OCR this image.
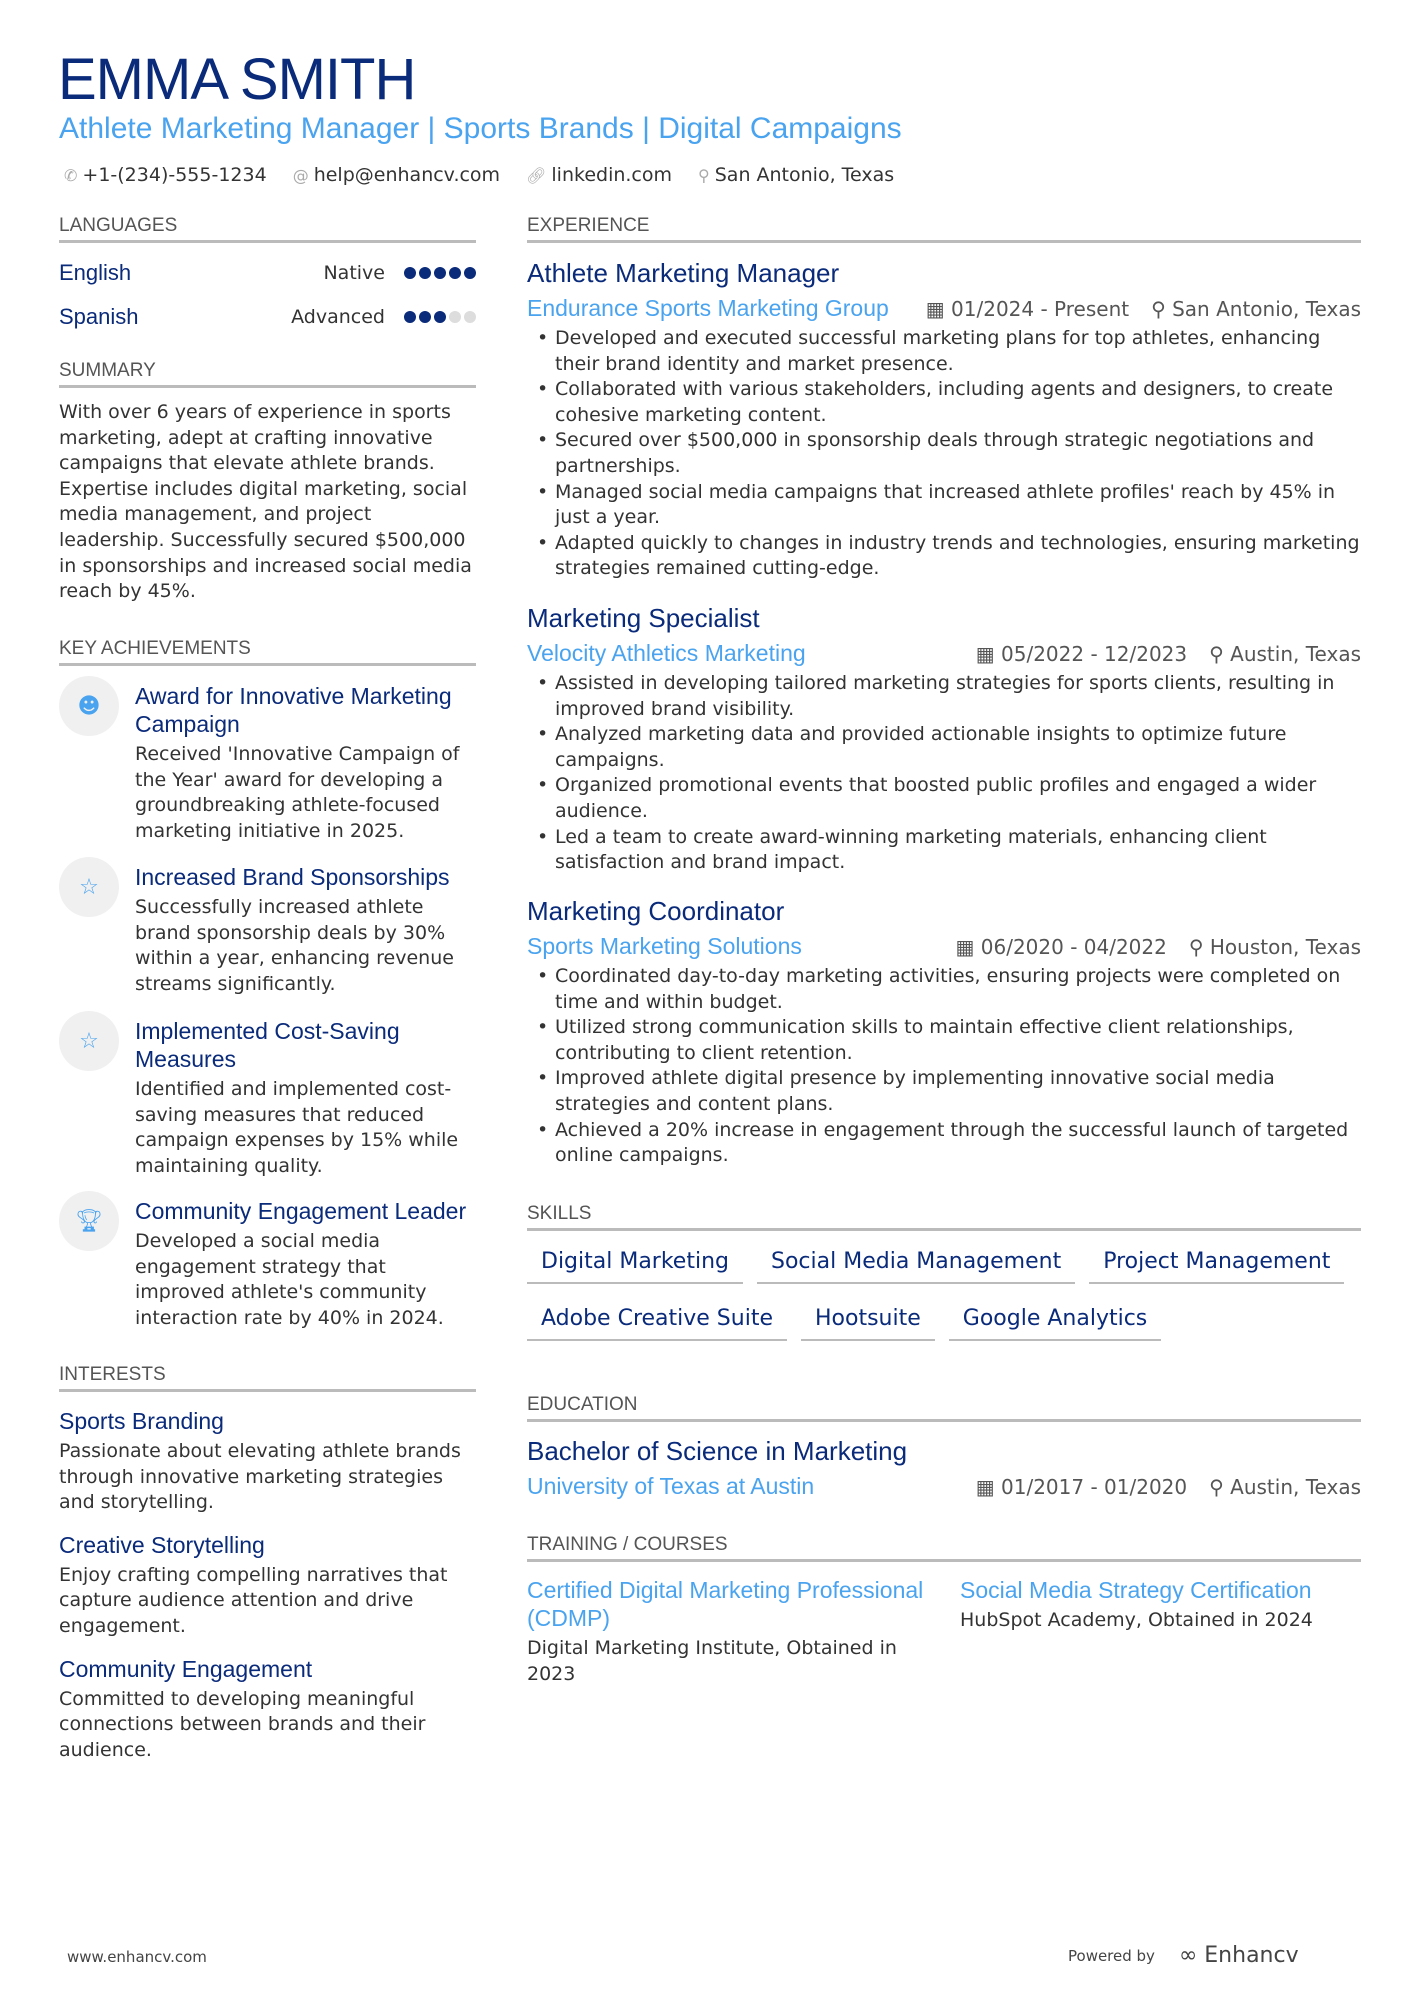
EMMA SMITH
Athlete Marketing Manager | Sports Brands | Digital Campaigns
✆ +1-(234)-555-1234 @ help@enhancv.com 🔗︎ linkedin.com ⚲ San Antonio, Texas
LANGUAGES
English	Native
Spanish	Advanced
SUMMARY
With over 6 years of experience in sports marketing, adept at crafting innovative campaigns that elevate athlete brands. Expertise includes digital marketing, social media management, and project leadership. Successfully secured $500,000 in sponsorships and increased social media reach by 45%.
KEY ACHIEVEMENTS
☻	Award for Innovative Marketing Campaign
Received 'Innovative Campaign of the Year' award for developing a groundbreaking athlete-focused marketing initiative in 2025.
☆	Increased Brand Sponsorships
Successfully increased athlete brand sponsorship deals by 30% within a year, enhancing revenue streams significantly.
☆	Implemented Cost-Saving Measures
Identified and implemented cost-saving measures that reduced campaign expenses by 15% while maintaining quality.
🏆︎	Community Engagement Leader
Developed a social media engagement strategy that improved athlete's community interaction rate by 40% in 2024.
INTERESTS
Sports Branding
Passionate about elevating athlete brands through innovative marketing strategies and storytelling.
Creative Storytelling
Enjoy crafting compelling narratives that capture audience attention and drive engagement.
Community Engagement
Committed to developing meaningful connections between brands and their audience.
EXPERIENCE
Athlete Marketing Manager
Endurance Sports Marketing Group	▦ 01/2024 - Present ⚲ San Antonio, Texas
• Developed and executed successful marketing plans for top athletes, enhancing their brand identity and market presence.
• Collaborated with various stakeholders, including agents and designers, to create cohesive marketing content.
• Secured over $500,000 in sponsorship deals through strategic negotiations and partnerships.
• Managed social media campaigns that increased athlete profiles' reach by 45% in just a year.
• Adapted quickly to changes in industry trends and technologies, ensuring marketing strategies remained cutting-edge.
Marketing Specialist
Velocity Athletics Marketing	▦ 05/2022 - 12/2023 ⚲ Austin, Texas
• Assisted in developing tailored marketing strategies for sports clients, resulting in improved brand visibility.
• Analyzed marketing data and provided actionable insights to optimize future campaigns.
• Organized promotional events that boosted public profiles and engaged a wider audience.
• Led a team to create award-winning marketing materials, enhancing client satisfaction and brand impact.
Marketing Coordinator
Sports Marketing Solutions	▦ 06/2020 - 04/2022 ⚲ Houston, Texas
• Coordinated day-to-day marketing activities, ensuring projects were completed on time and within budget.
• Utilized strong communication skills to maintain effective client relationships, contributing to client retention.
• Improved athlete digital presence by implementing innovative social media strategies and content plans.
• Achieved a 20% increase in engagement through the successful launch of targeted online campaigns.
SKILLS
Digital Marketing	Social Media Management	Project Management
Adobe Creative Suite	Hootsuite	Google Analytics
EDUCATION
Bachelor of Science in Marketing
University of Texas at Austin	▦ 01/2017 - 01/2020 ⚲ Austin, Texas
TRAINING / COURSES
Certified Digital Marketing Professional (CDMP)
Digital Marketing Institute, Obtained in 2023
Social Media Strategy Certification
HubSpot Academy, Obtained in 2024
www.enhancv.com	Powered by ∞ Enhancv
